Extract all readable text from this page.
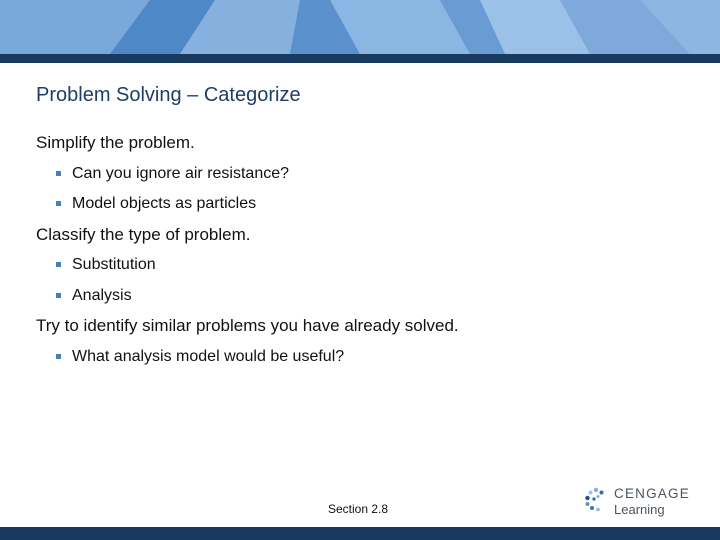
Problem Solving – Categorize
Simplify the problem.
Can you ignore air resistance?
Model objects as particles
Classify the type of problem.
Substitution
Analysis
Try to identify similar problems you have already solved.
What analysis model would be useful?
Section 2.8
CENGAGE
Learning
